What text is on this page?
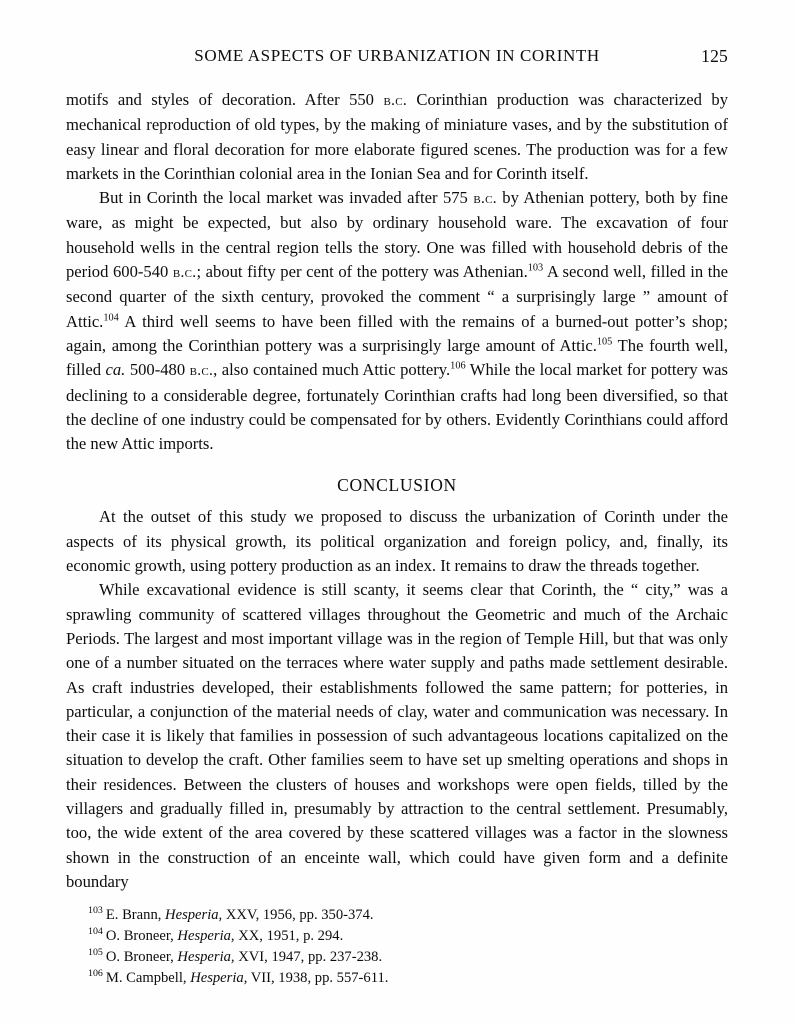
SOME ASPECTS OF URBANIZATION IN CORINTH	125

motifs and styles of decoration. After 550 b.c. Corinthian production was characterized by mechanical reproduction of old types, by the making of miniature vases, and by the substitution of easy linear and floral decoration for more elaborate figured scenes. The production was for a few markets in the Corinthian colonial area in the Ionian Sea and for Corinth itself.

But in Corinth the local market was invaded after 575 b.c. by Athenian pottery, both by fine ware, as might be expected, but also by ordinary household ware. The excavation of four household wells in the central region tells the story. One was filled with household debris of the period 600-540 b.c.; about fifty per cent of the pottery was Athenian.$^{103}$ A second well, filled in the second quarter of the sixth century, provoked the comment “ a surprisingly large ” amount of Attic.$^{104}$ A third well seems to have been filled with the remains of a burned-out potter’s shop; again, among the Corinthian pottery was a surprisingly large amount of Attic.$^{105}$ The fourth well, filled ca. 500-480 b.c., also contained much Attic pottery.$^{106}$ While the local market for pottery was declining to a considerable degree, fortunately Corinthian crafts had long been diversified, so that the decline of one industry could be compensated for by others. Evidently Corinthians could afford the new Attic imports.

CONCLUSION

At the outset of this study we proposed to discuss the urbanization of Corinth under the aspects of its physical growth, its political organization and foreign policy, and, finally, its economic growth, using pottery production as an index. It remains to draw the threads together.

While excavational evidence is still scanty, it seems clear that Corinth, the “ city,” was a sprawling community of scattered villages throughout the Geometric and much of the Archaic Periods. The largest and most important village was in the region of Temple Hill, but that was only one of a number situated on the terraces where water supply and paths made settlement desirable. As craft industries developed, their establishments followed the same pattern; for potteries, in particular, a conjunction of the material needs of clay, water and communication was necessary. In their case it is likely that families in possession of such advantageous locations capitalized on the situation to develop the craft. Other families seem to have set up smelting operations and shops in their residences. Between the clusters of houses and workshops were open fields, tilled by the villagers and gradually filled in, presumably by attraction to the central settlement. Presumably, too, the wide extent of the area covered by these scattered villages was a factor in the slowness shown in the construction of an enceinte wall, which could have given form and a definite boundary

$^{103}$ E. Brann, Hesperia, XXV, 1956, pp. 350-374.

$^{104}$ O. Broneer, Hesperia, XX, 1951, p. 294.

$^{105}$ O. Broneer, Hesperia, XVI, 1947, pp. 237-238.

$^{106}$ M. Campbell, Hesperia, VII, 1938, pp. 557-611.
